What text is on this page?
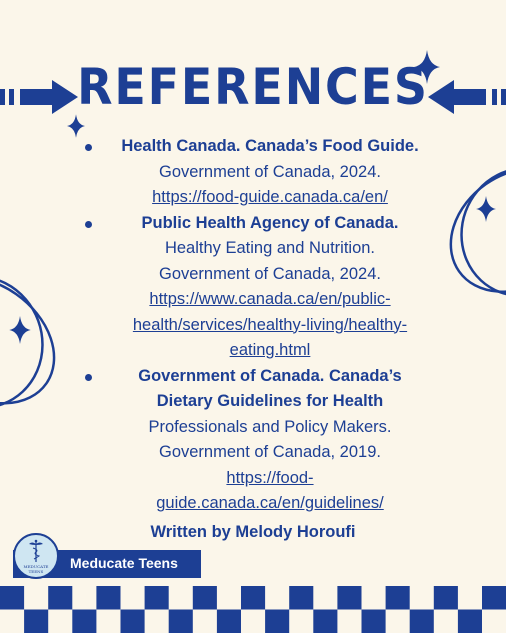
REFERENCES
Health Canada. Canada’s Food Guide.
Government of Canada, 2024.
https://food-guide.canada.ca/en/
Public Health Agency of Canada.
Healthy Eating and Nutrition.
Government of Canada, 2024.
https://www.canada.ca/en/public-
health/services/healthy-living/healthy-
eating.html
Government of Canada. Canada’s
Dietary Guidelines for Health
Professionals and Policy Makers.
Government of Canada, 2019.
https://food-
guide.canada.ca/en/guidelines/
Written by Melody Horoufi
Meducate Teens
MEDUCATE
TEENS
